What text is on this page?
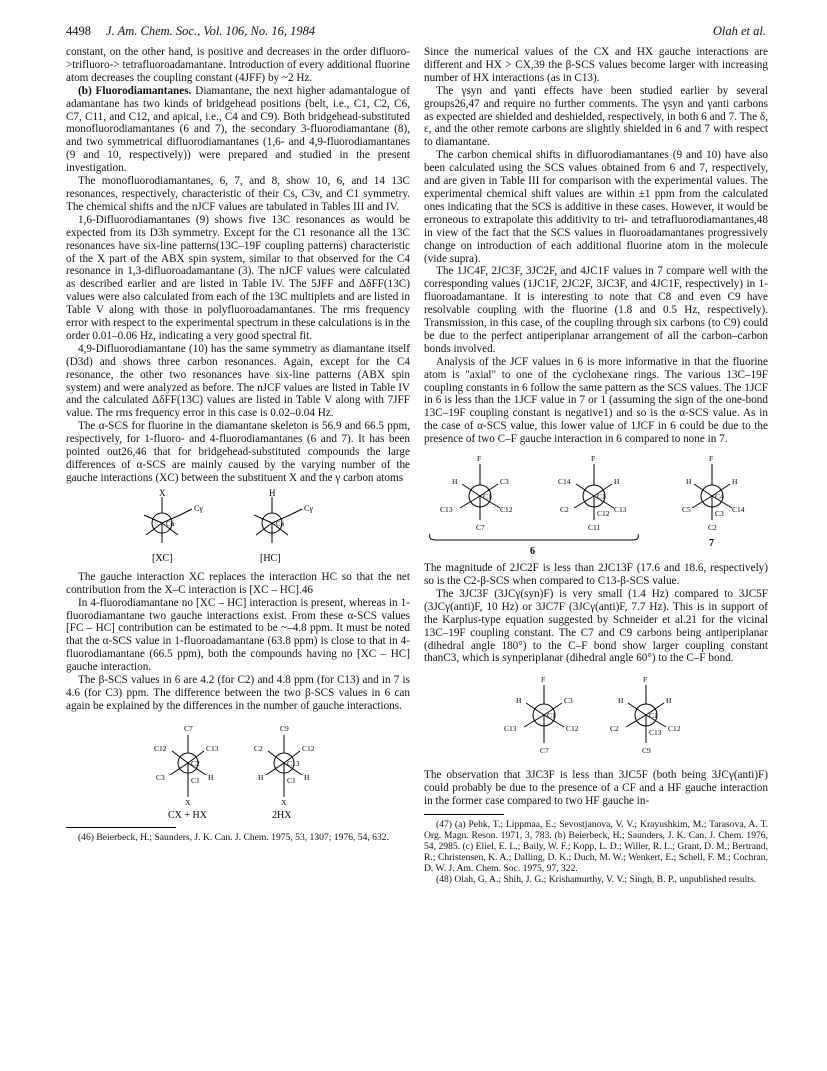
4498 J. Am. Chem. Soc., Vol. 106, No. 16, 1984	Olah et al.

constant, on the other hand, is positive and decreases in the order difluoro- >trifluoro-> tetrafluoroadamantane. Introduction of every additional fluorine atom decreases the coupling constant (4JFF) by ~2 Hz.

(b) Fluorodiamantanes. Diamantane, the next higher adamantalogue of adamantane has two kinds of bridgehead positions (belt, i.e., C1, C2, C6, C7, C11, and C12, and apical, i.e., C4 and C9). Both bridgehead-substituted monofluorodiamantanes (6 and 7), the secondary 3-fluorodiamantane (8), and two symmetrical difluorodiamantanes (1,6- and 4,9-fluorodiamantanes (9 and 10, respectively)) were prepared and studied in the present investigation.

The monofluorodiamantanes, 6, 7, and 8, show 10, 6, and 14 13C resonances, respectively, characteristic of their Cs, C3v, and C1 symmetry. The chemical shifts and the nJCF values are tabulated in Tables III and IV.

1,6-Difluorodiamantanes (9) shows five 13C resonances as would be expected from its D3h symmetry. Except for the C1 resonance all the 13C resonances have six-line patterns(13C–19F coupling patterns) characteristic of the X part of the ABX spin system, similar to that observed for the C4 resonance in 1,3-difluoroadamantane (3). The nJCF values were calculated as described earlier and are listed in Table IV. The 5JFF and ΔδFF(13C) values were also calculated from each of the 13C multiplets and are listed in Table V along with those in polyfluoroadamantanes. The rms frequency error with respect to the experimental spectrum in these calculations is in the order 0.01–0.06 Hz, indicating a very good spectral fit.

4,9-Difluorodiamantane (10) has the same symmetry as diamantane itself (D3d) and shows three carbon resonances. Again, except for the C4 resonance, the other two resonances have six-line patterns (ABX spin system) and were analyzed as before. The nJCF values are listed in Table IV and the calculated ΔδFF(13C) values are listed in Table V along with 7JFF value. The rms frequency error in this case is 0.02–0.04 Hz.

The α-SCS for fluorine in the diamantane skeleton is 56.9 and 66.5 ppm, respectively, for 1-fluoro- and 4-fluorodiamantanes (6 and 7). It has been pointed out26,46 that for bridgehead-substituted compounds the large differences of α-SCS are mainly caused by the varying number of the gauche interactions (XC) between the substituent X and the γ carbon atoms

X
Cα
Cγ
H
Cα
Cγ
[XC]	[HC]

The gauche interaction XC replaces the interaction HC so that the net contribution from the X–C interaction is [XC – HC].46

In 4-fluorodiamantane no [XC – HC] interaction is present, whereas in 1-fluorodiamantane two gauche interactions exist. From these α-SCS values [FC – HC] contribution can be estimated to be ~–4.8 ppm. It must be noted that the α-SCS value in 1-fluoroadamantane (63.8 ppm) is close to that in 4-fluorodiamantane (66.5 ppm), both the compounds having no [XC – HC] gauche interaction.

The β-SCS values in 6 are 4.2 (for C2) and 4.8 ppm (for C13) and in 7 is 4.6 (for C3) ppm. The difference between the two β-SCS values in 6 can again be explained by the differences in the number of gauche interactions.

C7
C12	C13
C3	H
C2
C1
X
C9
C2	C12
H	H
C13
C1
X
CX + HX	2HX

(46) Beierbeck, H.; Saunders, J. K. Can. J. Chem. 1975, 53, 1307; 1976, 54, 632.

Since the numerical values of the CX and HX gauche interactions are different and HX > CX,39 the β-SCS values become larger with increasing number of HX interactions (as in C13).

The γsyn and γanti effects have been studied earlier by several groups26,47 and require no further comments. The γsyn and γanti carbons as expected are shielded and deshielded, respectively, in both 6 and 7. The δ, ε, and the other remote carbons are slightly shielded in 6 and 7 with respect to diamantane.

The carbon chemical shifts in difluorodiamantanes (9 and 10) have also been calculated using the SCS values obtained from 6 and 7, respectively, and are given in Table III for comparison with the experimental values. The experimental chemical shift values are within ±1 ppm from the calculated ones indicating that the SCS is additive in these cases. However, it would be erroneous to extrapolate this additivity to tri- and tetrafluorodiamantanes,48 in view of the fact that the SCS values in fluoroadamantanes progressively change on introduction of each additional fluorine atom in the molecule (vide supra).

The 1JC4F, 2JC3F, 3JC2F, and 4JC1F values in 7 compare well with the corresponding values (1JC1F, 2JC2F, 3JC3F, and 4JC1F, respectively) in 1-fluoroadamantane. It is interesting to note that C8 and even C9 have resolvable coupling with the fluorine (1.8 and 0.5 Hz, respectively). Transmission, in this case, of the coupling through six carbons (to C9) could be due to the perfect antiperiplanar arrangement of all the carbon–carbon bonds involved.

Analysis of the JCF values in 6 is more informative in that the fluorine atom is "axial" to one of the cyclohexane rings. The various 13C–19F coupling constants in 6 follow the same pattern as the SCS values. The 1JCF in 6 is less than the 1JCF value in 7 or 1 (assuming the sign of the one-bond 13C–19F coupling constant is negative1) and so is the α-SCS value. As in the case of α-SCS value, this lower value of 1JCF in 6 could be due to the presence of two C–F gauche interaction in 6 compared to none in 7.

F
H	C3
C13	C12
C1
C7
F
C14	H
C2	C13
C1
C12
C11
F
H	H
C5	C14
C4
C3
C2
6
7

The magnitude of 2JC2F is less than 2JC13F (17.6 and 18.6, respectively) so is the C2-β-SCS when compared to C13-β-SCS value.

The 3JC3F (3JCγ(syn)F) is very small (1.4 Hz) compared to 3JC5F (3JCγ(anti)F, 10 Hz) or 3JC7F (3JCγ(anti)F, 7.7 Hz). This is in support of the Karplus-type equation suggested by Schneider et al.21 for the vicinal 13C–19F coupling constant. The C7 and C9 carbons being antiperiplanar (dihedral angle 180°) to the C–F bond show larger coupling constant thanC3, which is synperiplanar (dihedral angle 60°) to the C–F bond.

F
H	C3
C13	C12
C1
C7
F
H	H
C2	C12
C1
C13
C9

The observation that 3JC3F is less than 3JC5F (both being 3JCγ(anti)F) could probably be due to the presence of a CF and a HF gauche interaction in the former case compared to two HF gauche in-

(47) (a) Pehk, T.; Lippmaa, E.; Sevostjanova, V. V.; Krayushkim, M.; Tarasova, A. T. Org. Magn. Reson. 1971, 3, 783. (b) Beierbeck, H.; Saunders, J. K. Can. J. Chem. 1976, 54, 2985. (c) Eliel, E. L.; Baily, W. F.; Kopp, L. D.; Willer, R. L.; Grant, D. M.; Bertrand, R.; Christensen, K. A.; Dalling, D. K.; Duch, M. W.; Wenkert, E.; Schell, F. M.; Cochran, D. W. J. Am. Chem. Soc. 1975, 97, 322.

(48) Olah, G. A.; Shih, J. G.; Krishamurthy, V. V.; Singh, B. P., unpublished results.
